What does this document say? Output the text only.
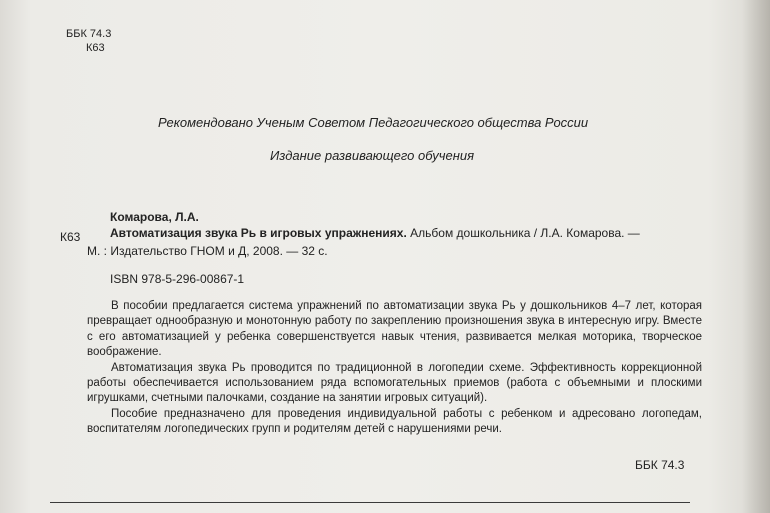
ББК 74.3
К63
Рекомендовано Ученым Советом Педагогического общества России
Издание развивающего обучения
Комарова, Л.А.
К63 Автоматизация звука Рь в игровых упражнениях. Альбом дошкольника / Л.А. Комарова. —
М. : Издательство ГНОМ и Д, 2008. — 32 с.
ISBN 978-5-296-00867-1

В пособии предлагается система упражнений по автоматизации звука Рь у дошкольников 4–7 лет, которая превращает однообразную и монотонную работу по закреплению произношения звука в интересную игру. Вместе с его автоматизацией у ребенка совершенствуется навык чтения, развивается мелкая моторика, творческое воображение.

Автоматизация звука Рь проводится по традиционной в логопедии схеме. Эффективность коррекционной работы обеспечивается использованием ряда вспомогательных приемов (работа с объемными и плоскими игрушками, счетными палочками, создание на занятии игровых ситуаций).

Пособие предназначено для проведения индивидуальной работы с ребенком и адресовано логопедам, воспитателям логопедических групп и родителям детей с нарушениями речи.

ББК 74.3
